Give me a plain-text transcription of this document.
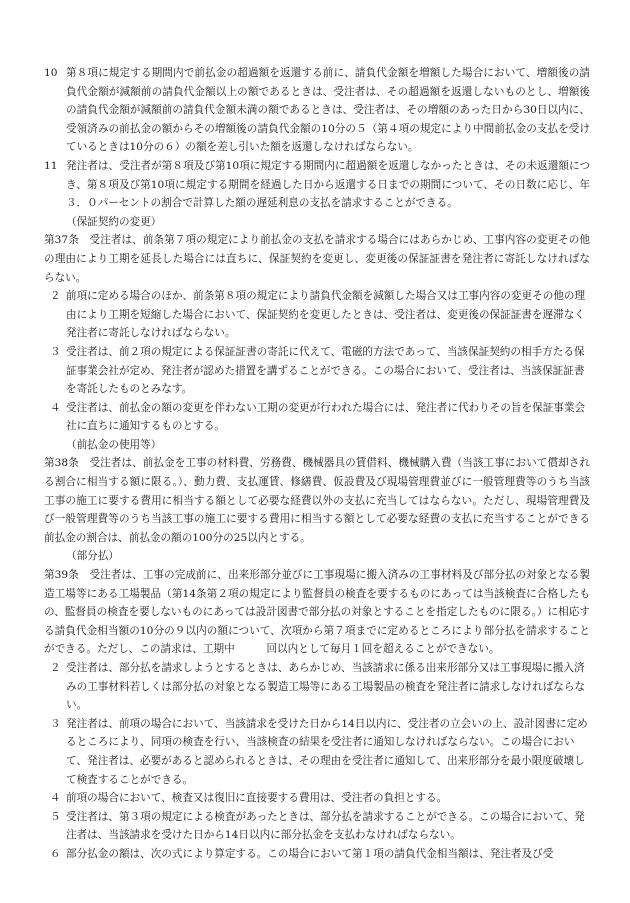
10 第８項に規定する期間内で前払金の超過額を返還する前に、請負代金額を増額した場合において、増額後の請負代金額が減額前の請負代金額以上の額であるときは、受注者は、その超過額を返還しないものとし、増額後の請負代金額が減額前の請負代金額未満の額であるときは、受注者は、その増額のあった日から30日以内に、受領済みの前払金の額からその増額後の請負代金額の10分の５（第４項の規定により中間前払金の支払を受けているときは10分の６）の額を差し引いた額を返還しなければならない。
11 発注者は、受注者が第８項及び第10項に規定する期間内に超過額を返還しなかったときは、その未返還額につき、第８項及び第10項に規定する期間を経過した日から返還する日までの期間について、その日数に応じ、年３．０パーセントの割合で計算した額の遅延利息の支払を請求することができる。
（保証契約の変更）
第37条　 受注者は、前条第７項の規定により前払金の支払を請求する場合にはあらかじめ、工事内容の変更その他の理由により工期を延長した場合には直ちに、保証契約を変更し、変更後の保証証書を発注者に寄託しなければならない。
２ 前項に定める場合のほか、前条第８項の規定により請負代金額を減額した場合又は工事内容の変更その他の理由により工期を短縮した場合において、保証契約を変更したときは、受注者は、変更後の保証証書を遅滞なく発注者に寄託しなければならない。
３ 受注者は、前２項の規定による保証証書の寄託に代えて、電磁的方法であって、当該保証契約の相手方たる保証事業会社が定め、発注者が認めた措置を講ずることができる。この場合において、受注者は、当該保証証書を寄託したものとみなす。
４ 受注者は、前払金の額の変更を伴わない工期の変更が行われた場合には、発注者に代わりその旨を保証事業会社に直ちに通知するものとする。
（前払金の使用等）
第38条　 受注者は、前払金を工事の材料費、労務費、機械器具の賃借料、機械購入費（当該工事において償却される割合に相当する額に限る。）、動力費、支払運賃、修繕費、仮設費及び現場管理費並びに一般管理費等のうち当該工事の施工に要する費用に相当する額として必要な経費以外の支払に充当してはならない。ただし、現場管理費及び一般管理費等のうち当該工事の施工に要する費用に相当する額として必要な経費の支払に充当することができる前払金の割合は、前払金の額の100分の25以内とする。
（部分払）
第39条　 受注者は、工事の完成前に、出来形部分並びに工事現場に搬入済みの工事材料及び部分払の対象となる製造工場等にある工場製品（第14条第２項の規定により監督員の検査を要するものにあっては当該検査に合格したもの、監督員の検査を要しないものにあっては設計図書で部分払の対象とすることを指定したものに限る。）に相応する請負代金相当額の10分の９以内の額について、次項から第７項までに定めるところにより部分払を請求することができる。ただし、この請求は、工期中　　　回以内として毎月１回を超えることができない。
２ 受注者は、部分払を請求しようとするときは、あらかじめ、当該請求に係る出来形部分又は工事現場に搬入済みの工事材料若しくは部分払の対象となる製造工場等にある工場製品の検査を発注者に請求しなければならない。
３ 発注者は、前項の場合において、当該請求を受けた日から14日以内に、受注者の立会いの上、設計図書に定めるところにより、同項の検査を行い、当該検査の結果を受注者に通知しなければならない。この場合において、発注者は、必要があると認められるときは、その理由を受注者に通知して、出来形部分を最小限度破壊して検査することができる。
４ 前項の場合において、検査又は復旧に直接要する費用は、受注者の負担とする。
５ 受注者は、第３項の規定による検査があったときは、部分払を請求することができる。この場合において、発注者は、当該請求を受けた日から14日以内に部分払金を支払わなければならない。
６ 部分払金の額は、次の式により算定する。この場合において第１項の請負代金相当額は、発注者及び受
